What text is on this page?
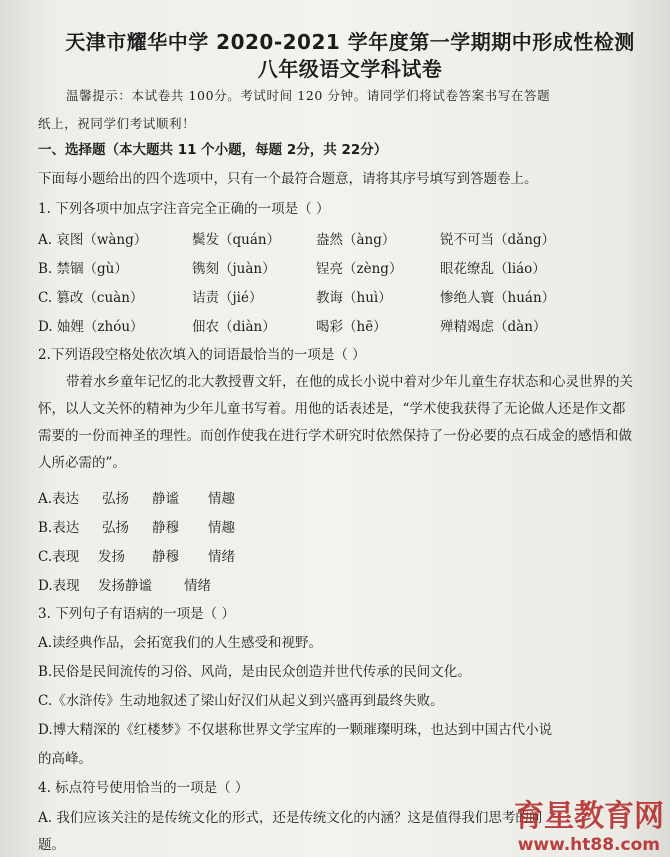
天津市耀华中学 2020-2021 学年度第一学期期中形成性检测
八年级语文学科试卷
温馨提示：本试卷共 100分。考试时间 120 分钟。请同学们将试卷答案书写在答题
纸上，祝同学们考试顺利！
一、选择题（本大题共 11 个小题，每题 2分，共 22分）
下面每小题给出的四个选项中，只有一个最符合题意，请将其序号填写到答题卷上。
1. 下列各项中加点字注音完全正确的一项是（ ）
A. 哀图（wàng）	鬓发（quán）	盎然（àng）	锐不可当（dǎng）
B. 禁锢（gù）	镌刻（juàn）	锃亮（zèng）	眼花缭乱（liáo）
C. 篡改（cuàn）	诘责（jié）	教诲（huì）	惨绝人寰（huán）
D. 妯娌（zhóu）	佃农（diàn）	喝彩（hē）	殚精竭虑（dàn）
2.下列语段空格处依次填入的词语最恰当的一项是（ ）
带着水乡童年记忆的北大教授曹文轩，在他的成长小说中着对少年儿童生存状态和心灵世界的关怀，以人文关怀的精神为少年儿童书写着。用他的话表述是，“学术使我获得了无论做人还是作文都需要的一份而神圣的理性。而创作使我在进行学术研究时依然保持了一份必要的点石成金的感悟和做人所必需的”。
A.表达 弘扬 静谧 情趣
B.表达 弘扬 静穆 情趣
C.表现 发扬 静穆 情绪
D.表现 发扬静谧 情绪
3. 下列句子有语病的一项是（ ）
A.读经典作品，会拓宽我们的人生感受和视野。
B.民俗是民间流传的习俗、风尚，是由民众创造并世代传承的民间文化。
C.《水浒传》生动地叙述了梁山好汉们从起义到兴盛再到最终失败。
D.博大精深的《红楼梦》不仅堪称世界文学宝库的一颗璀璨明珠，也达到中国古代小说
的高峰。
4. 标点符号使用恰当的一项是（ ）
A. 我们应该关注的是传统文化的形式，还是传统文化的内涵？这是值得我们思考的问
题。
育星教育网
www.ht88.com
